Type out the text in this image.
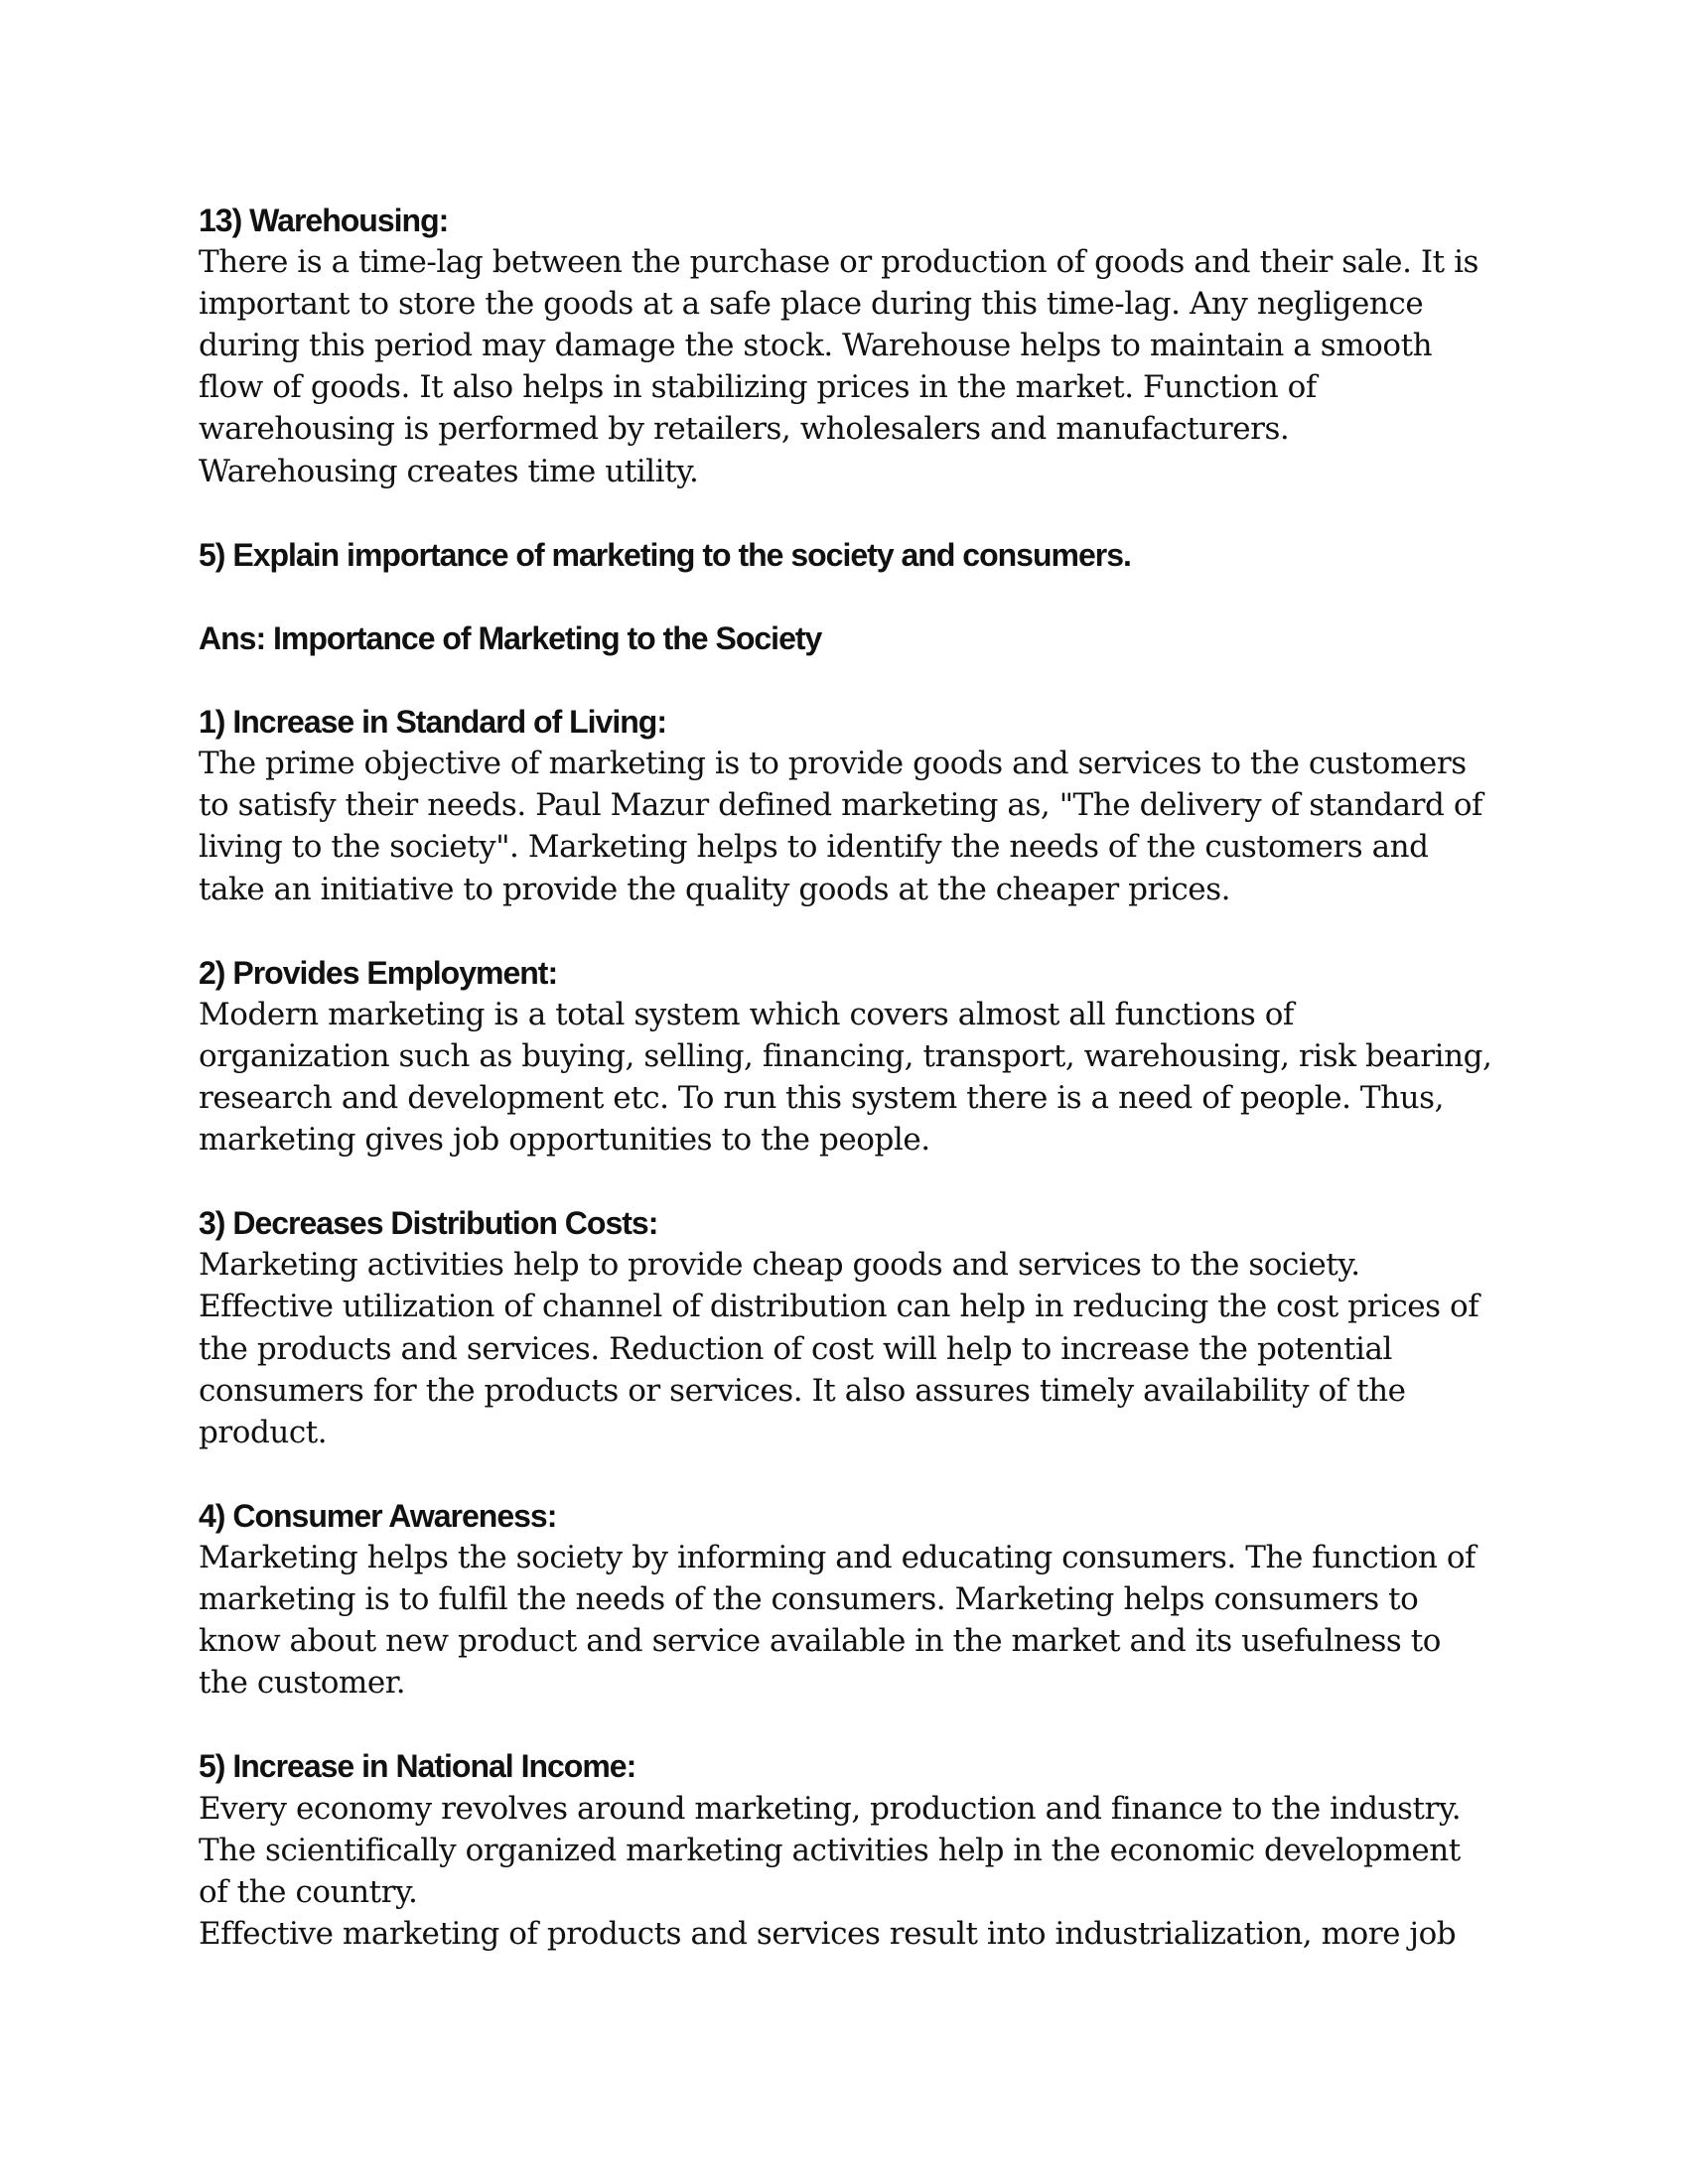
13) Warehousing:
There is a time-lag between the purchase or production of goods and their sale. It is
important to store the goods at a safe place during this time-lag. Any negligence
during this period may damage the stock. Warehouse helps to maintain a smooth
flow of goods. It also helps in stabilizing prices in the market. Function of
warehousing is performed by retailers, wholesalers and manufacturers.
Warehousing creates time utility.
5) Explain importance of marketing to the society and consumers.
Ans: Importance of Marketing to the Society
1) Increase in Standard of Living:
The prime objective of marketing is to provide goods and services to the customers
to satisfy their needs. Paul Mazur defined marketing as, "The delivery of standard of
living to the society". Marketing helps to identify the needs of the customers and
take an initiative to provide the quality goods at the cheaper prices.
2) Provides Employment:
Modern marketing is a total system which covers almost all functions of
organization such as buying, selling, financing, transport, warehousing, risk bearing,
research and development etc. To run this system there is a need of people. Thus,
marketing gives job opportunities to the people.
3) Decreases Distribution Costs:
Marketing activities help to provide cheap goods and services to the society.
Effective utilization of channel of distribution can help in reducing the cost prices of
the products and services. Reduction of cost will help to increase the potential
consumers for the products or services. It also assures timely availability of the
product.
4) Consumer Awareness:
Marketing helps the society by informing and educating consumers. The function of
marketing is to fulfil the needs of the consumers. Marketing helps consumers to
know about new product and service available in the market and its usefulness to
the customer.
5) Increase in National Income:
Every economy revolves around marketing, production and finance to the industry.
The scientifically organized marketing activities help in the economic development
of the country.
Effective marketing of products and services result into industrialization, more job
